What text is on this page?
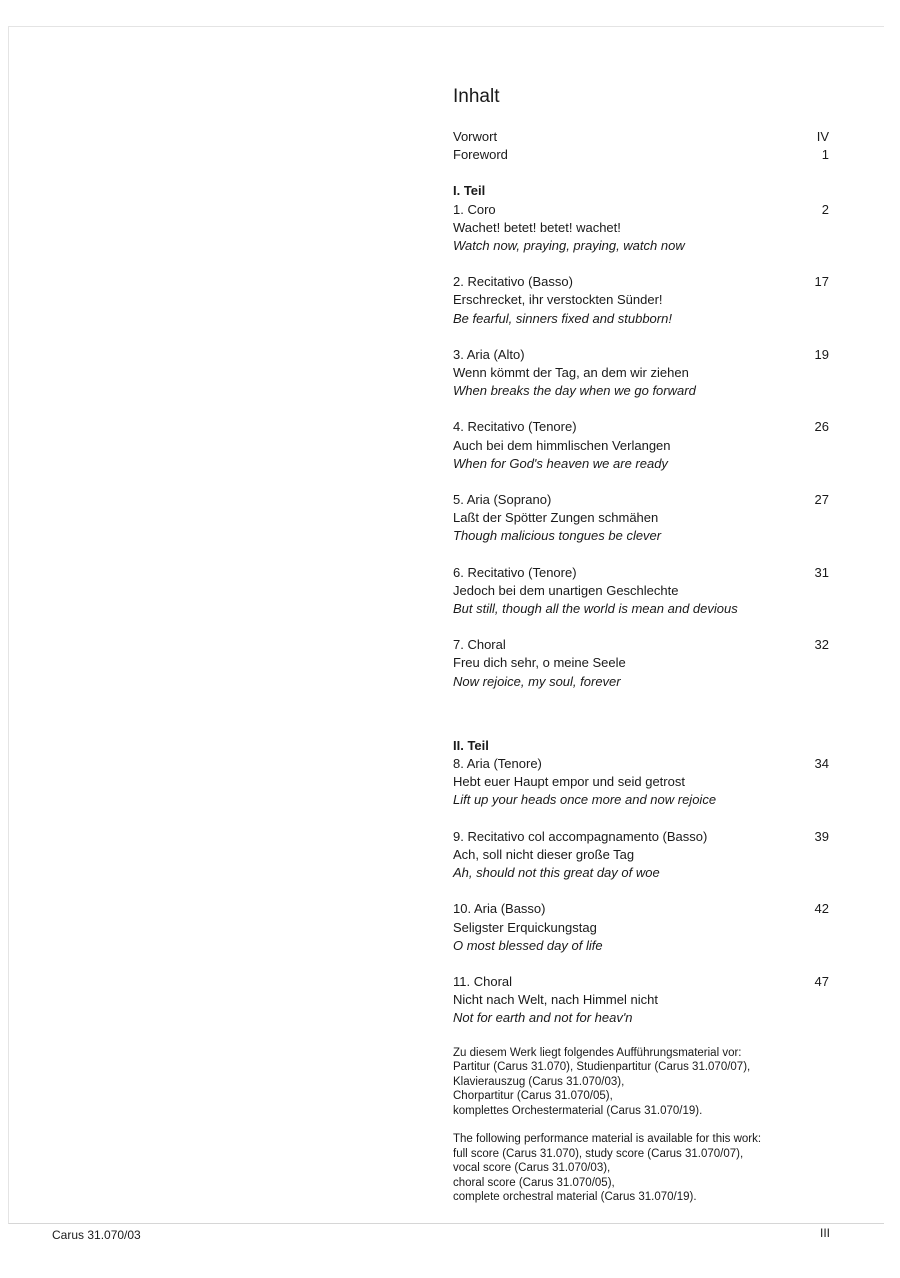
Inhalt
Vorwort	IV
Foreword	1
I. Teil
1. Coro	2
Wachet! betet! betet! wachet!
Watch now, praying, praying, watch now
2. Recitativo (Basso)	17
Erschrecket, ihr verstockten Sünder!
Be fearful, sinners fixed and stubborn!
3. Aria (Alto)	19
Wenn kömmt der Tag, an dem wir ziehen
When breaks the day when we go forward
4. Recitativo (Tenore)	26
Auch bei dem himmlischen Verlangen
When for God's heaven we are ready
5. Aria (Soprano)	27
Laßt der Spötter Zungen schmähen
Though malicious tongues be clever
6. Recitativo (Tenore)	31
Jedoch bei dem unartigen Geschlechte
But still, though all the world is mean and devious
7. Choral	32
Freu dich sehr, o meine Seele
Now rejoice, my soul, forever
II. Teil
8. Aria (Tenore)	34
Hebt euer Haupt empor und seid getrost
Lift up your heads once more and now rejoice
9. Recitativo col accompagnamento (Basso)	39
Ach, soll nicht dieser große Tag
Ah, should not this great day of woe
10. Aria (Basso)	42
Seligster Erquickungstag
O most blessed day of life
11. Choral	47
Nicht nach Welt, nach Himmel nicht
Not for earth and not for heav'n

Zu diesem Werk liegt folgendes Aufführungsmaterial vor:
Partitur (Carus 31.070), Studienpartitur (Carus 31.070/07),
Klavierauszug (Carus 31.070/03),
Chorpartitur (Carus 31.070/05),
komplettes Orchestermaterial (Carus 31.070/19).

The following performance material is available for this work:
full score (Carus 31.070), study score (Carus 31.070/07),
vocal score (Carus 31.070/03),
choral score (Carus 31.070/05),
complete orchestral material (Carus 31.070/19).

Carus 31.070/03	III
